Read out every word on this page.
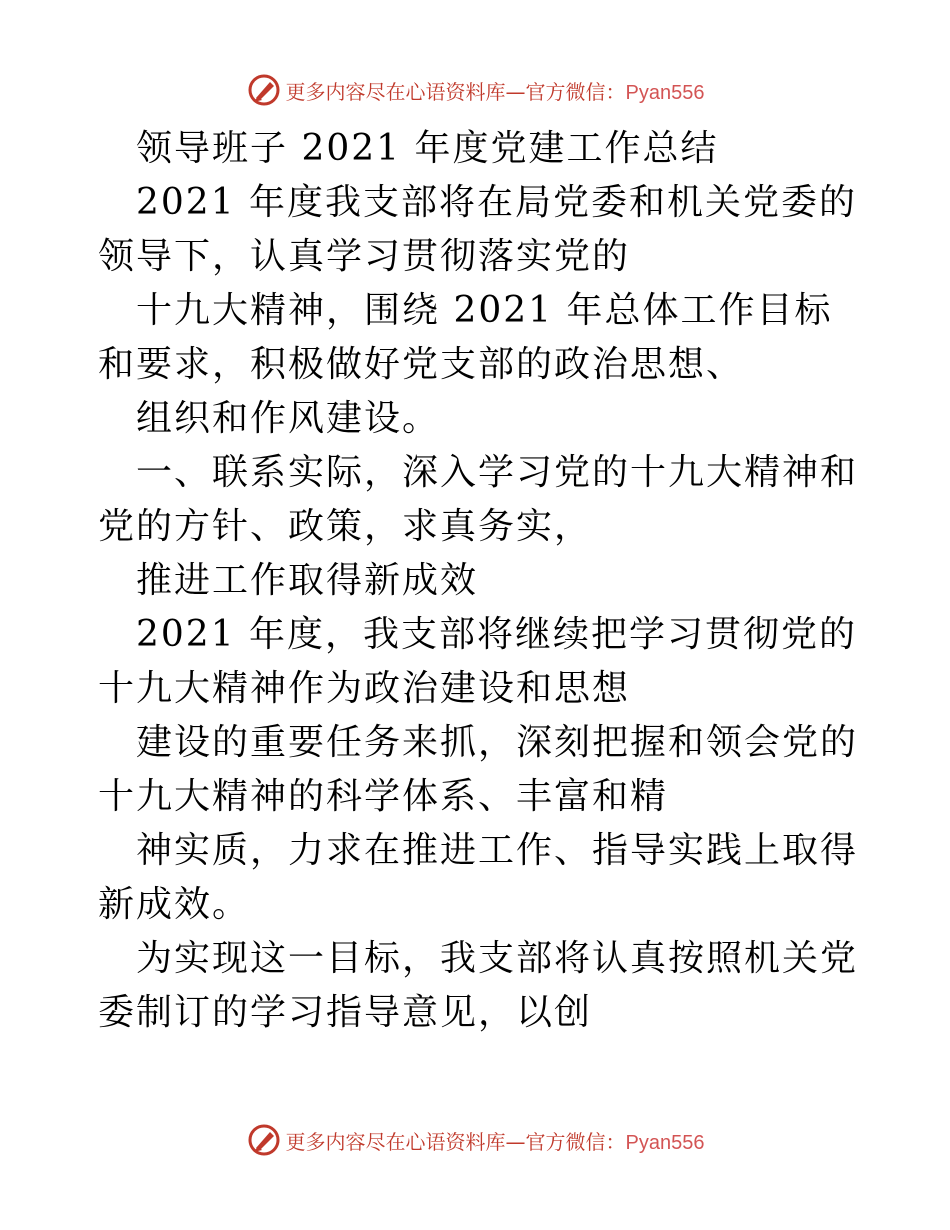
更多内容尽在心语资料库—官方微信：Pyan556

领导班子 2021 年度党建工作总结

2021 年度我支部将在局党委和机关党委的领导下，认真学习贯彻落实党的

十九大精神，围绕 2021 年总体工作目标和要求，积极做好党支部的政治思想、

组织和作风建设。

一、联系实际，深入学习党的十九大精神和党的方针、政策，求真务实，

推进工作取得新成效

2021 年度，我支部将继续把学习贯彻党的十九大精神作为政治建设和思想

建设的重要任务来抓，深刻把握和领会党的十九大精神的科学体系、丰富和精

神实质，力求在推进工作、指导实践上取得新成效。

为实现这一目标，我支部将认真按照机关党委制订的学习指导意见，以创

更多内容尽在心语资料库—官方微信：Pyan556
